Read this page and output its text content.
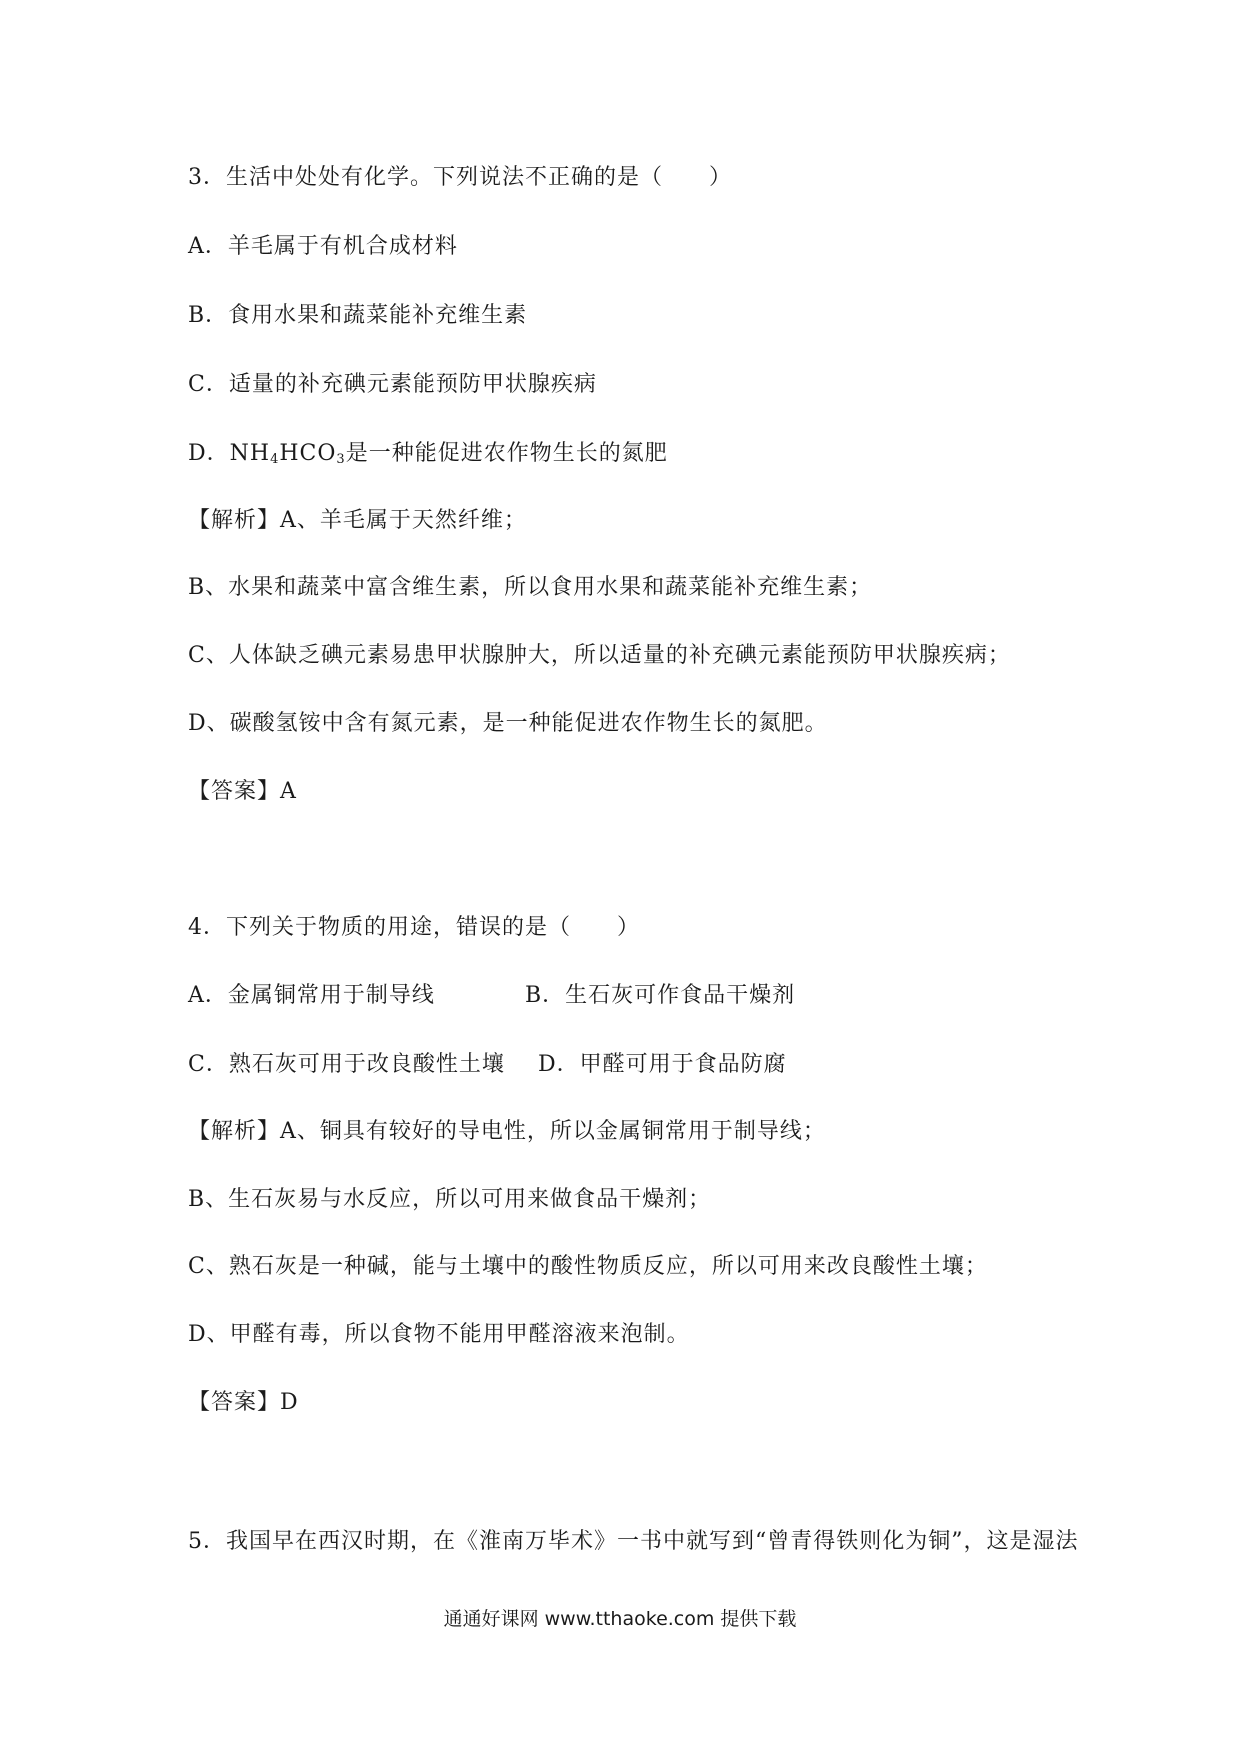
3．生活中处处有化学。下列说法不正确的是（　　）
A．羊毛属于有机合成材料
B．食用水果和蔬菜能补充维生素
C．适量的补充碘元素能预防甲状腺疾病
D．$NH_4HCO_3$是一种能促进农作物生长的氮肥
【解析】A、羊毛属于天然纤维；
B、水果和蔬菜中富含维生素，所以食用水果和蔬菜能补充维生素；
C、人体缺乏碘元素易患甲状腺肿大，所以适量的补充碘元素能预防甲状腺疾病；
D、碳酸氢铵中含有氮元素，是一种能促进农作物生长的氮肥。
【答案】A
4．下列关于物质的用途，错误的是（　　）
A．金属铜常用于制导线	B．生石灰可作食品干燥剂
C．熟石灰可用于改良酸性土壤 D．甲醛可用于食品防腐
【解析】A、铜具有较好的导电性，所以金属铜常用于制导线；
B、生石灰易与水反应，所以可用来做食品干燥剂；
C、熟石灰是一种碱，能与土壤中的酸性物质反应，所以可用来改良酸性土壤；
D、甲醛有毒，所以食物不能用甲醛溶液来泡制。
【答案】D
5．我国早在西汉时期，在《淮南万毕术》一书中就写到“曾青得铁则化为铜”，这是湿法
通通好课网 www.tthaoke.com 提供下载
